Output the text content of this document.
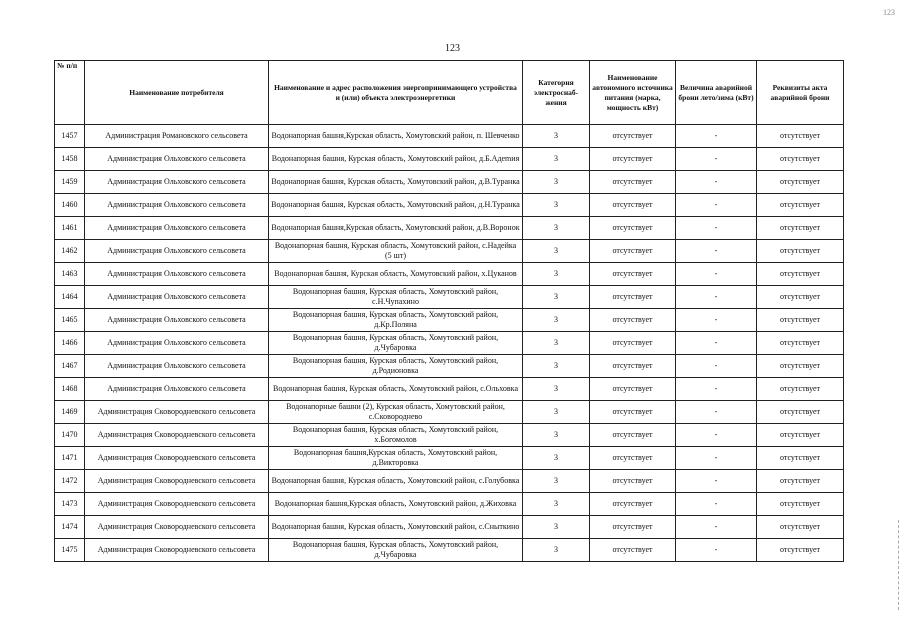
123
123
№ п/п	Наименование потребителя	Наименование и адрес расположения энергопринимающего устройства и (или) объекта электроэнергетики	Категория электроснаб-жения	Наименование автономного источника питания (марка, мощность кВт)	Величина аварийной брони лето/зима (кВт)	Реквизиты акта аварийной брони
1457	Администрация Романовского сельсовета	Водонапорная башня,Курская область, Хомутовский район, п. Шевченко	3	отсутствует	-	отсутствует
1458	Администрация Ольховского сельсовета	Водонапорная башня, Курская область, Хомутовский район, д.Б.Адеmия	3	отсутствует	-	отсутствует
1459	Администрация Ольховского сельсовета	Водонапорная башня, Курская область, Хомутовский район, д.В.Туранка	3	отсутствует	-	отсутствует
1460	Администрация Ольховского сельсовета	Водонапорная башня, Курская область, Хомутовский район, д.Н.Туранка	3	отсутствует	-	отсутствует
1461	Администрация Ольховского сельсовета	Водонапорная башня,Курская область, Хомутовский район, д.В.Воронок	3	отсутствует	-	отсутствует
1462	Администрация Ольховского сельсовета	Водонапорная башня, Курская область, Хомутовский район, с.Надейка (5 шт)	3	отсутствует	-	отсутствует
1463	Администрация Ольховского сельсовета	Водонапорная башня, Курская область, Хомутовский район, х.Цуканов	3	отсутствует	-	отсутствует
1464	Администрация Ольховского сельсовета	Водонапорная башня, Курская область, Хомутовский район, с.Н.Чупахино	3	отсутствует	-	отсутствует
1465	Администрация Ольховского сельсовета	Водонапорная башня, Курская область, Хомутовский район, д.Кр.Поляна	3	отсутствует	-	отсутствует
1466	Администрация Ольховского сельсовета	Водонапорная башня, Курская область, Хомутовский район, д.Чубаровка	3	отсутствует	-	отсутствует
1467	Администрация Ольховского сельсовета	Водонапорная башня, Курская область, Хомутовский район, д.Родионовка	3	отсутствует	-	отсутствует
1468	Администрация Ольховского сельсовета	Водонапорная башня, Курская область, Хомутовский район, с.Ольховка	3	отсутствует	-	отсутствует
1469	Администрация Сковородневского сельсовета	Водонапорные башни (2), Курская область, Хомутовский район, с.Сковороднево	3	отсутствует	-	отсутствует
1470	Администрация Сковородневского сельсовета	Водонапорная башня, Курская область, Хомутовский район, х.Богомолов	3	отсутствует	-	отсутствует
1471	Администрация Сковородневского сельсовета	Водонапорная башня,Курская область, Хомутовский район, д.Викторовка	3	отсутствует	-	отсутствует
1472	Администрация Сковородневского сельсовета	Водонапорная башня, Курская область, Хомутовский район, с.Голубовка	3	отсутствует	-	отсутствует
1473	Администрация Сковородневского сельсовета	Водонапорная башня,Курская область, Хомутовский район, д.Жиховка	3	отсутствует	-	отсутствует
1474	Администрация Сковородневского сельсовета	Водонапорная башня, Курская область, Хомутовский район, с.Сныткино	3	отсутствует	-	отсутствует
1475	Администрация Сковородневского сельсовета	Водонапорная башня, Курская область, Хомутовский район, д.Чубаровка	3	отсутствует	-	отсутствует
